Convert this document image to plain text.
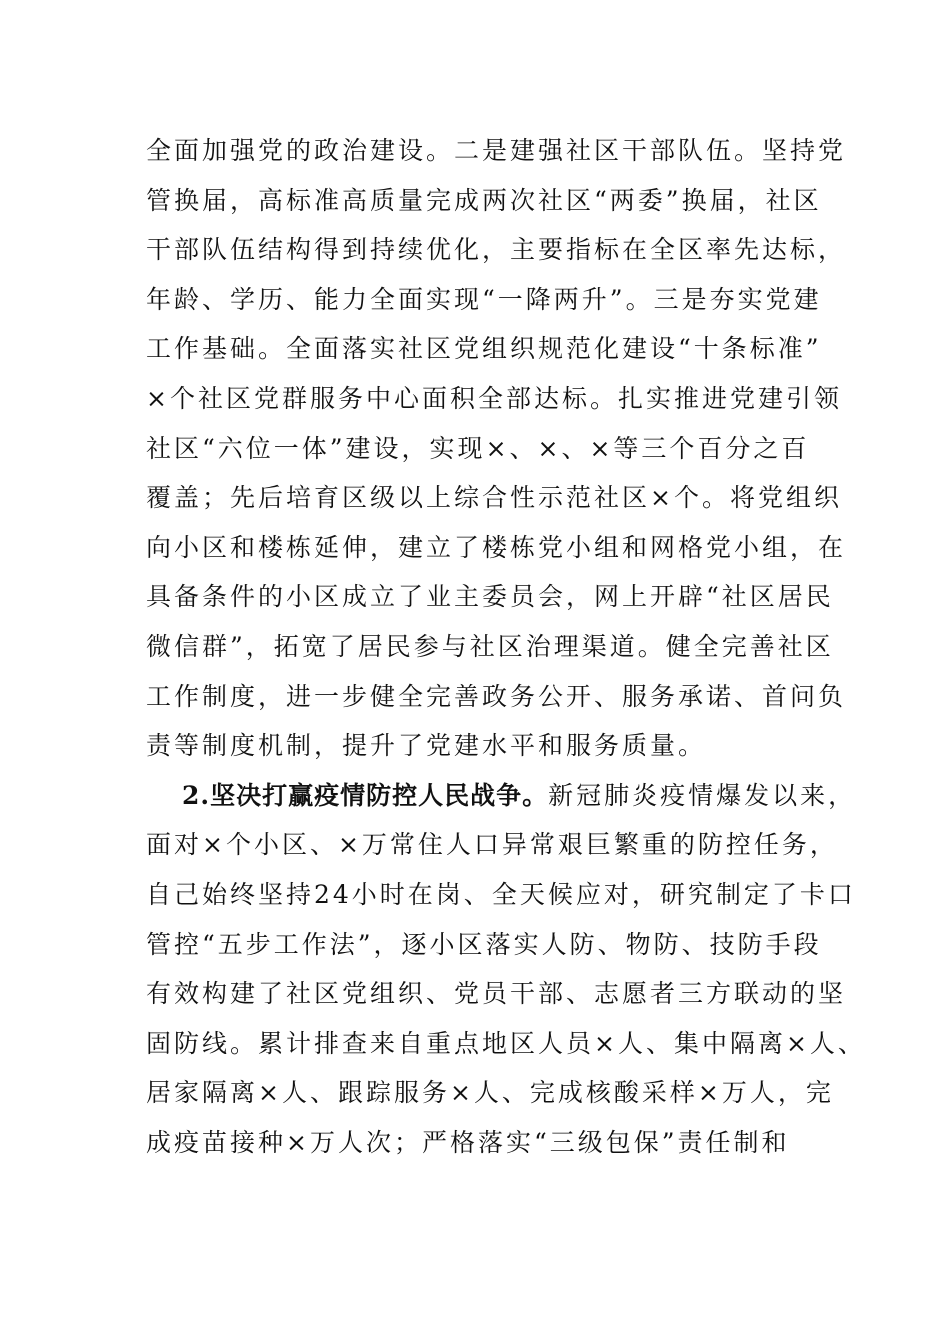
全面加强党的政治建设。二是建强社区干部队伍。坚持党
管换届，高标准高质量完成两次社区“两委”换届，社区
干部队伍结构得到持续优化，主要指标在全区率先达标，
年龄、学历、能力全面实现“一降两升”。三是夯实党建
工作基础。全面落实社区党组织规范化建设“十条标准”
×个社区党群服务中心面积全部达标。扎实推进党建引领
社区“六位一体”建设，实现×、×、×等三个百分之百
覆盖；先后培育区级以上综合性示范社区×个。将党组织
向小区和楼栋延伸，建立了楼栋党小组和网格党小组，在
具备条件的小区成立了业主委员会，网上开辟“社区居民
微信群”，拓宽了居民参与社区治理渠道。健全完善社区
工作制度，进一步健全完善政务公开、服务承诺、首问负
责等制度机制，提升了党建水平和服务质量。
2.坚决打赢疫情防控人民战争。新冠肺炎疫情爆发以来，
面对×个小区、×万常住人口异常艰巨繁重的防控任务，
自己始终坚持24小时在岗、全天候应对，研究制定了卡口
管控“五步工作法”，逐小区落实人防、物防、技防手段
有效构建了社区党组织、党员干部、志愿者三方联动的坚
固防线。累计排查来自重点地区人员×人、集中隔离×人、
居家隔离×人、跟踪服务×人、完成核酸采样×万人，完
成疫苗接种×万人次；严格落实“三级包保”责任制和
